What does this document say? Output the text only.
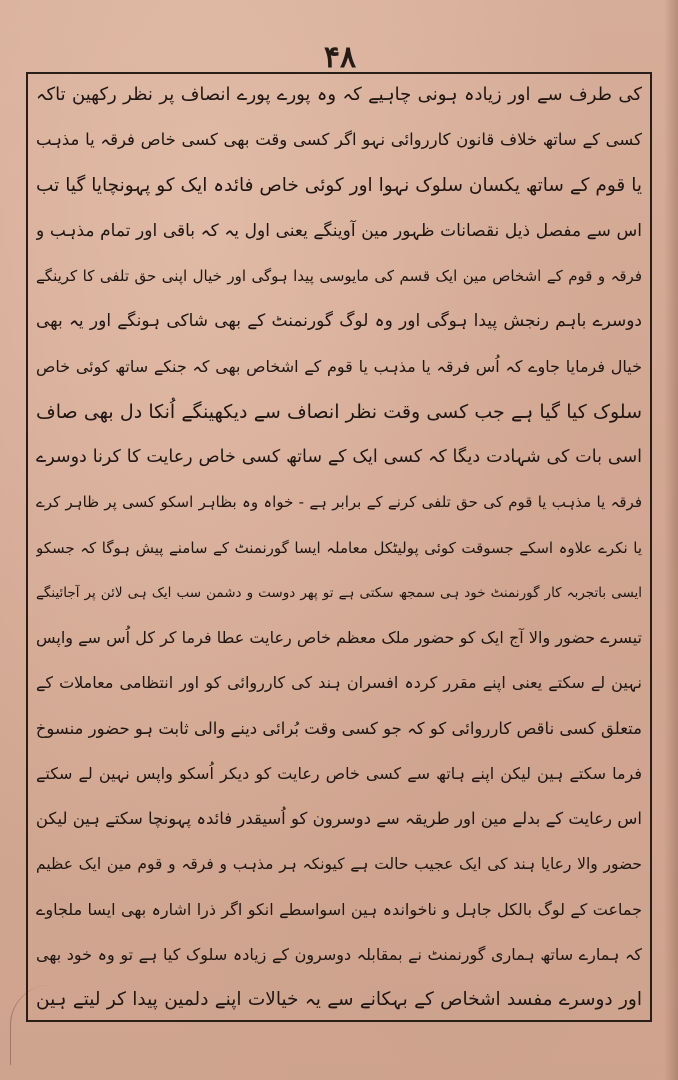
۴۸
کی طرف سے اور زیادہ ہونی چاہیے کہ وہ پورے پورے انصاف پر نظر رکھین تاکہ
کسی کے ساتھ خلاف قانون کارروائی نہو اگر کسی وقت بھی کسی خاص فرقہ یا مذہب
یا قوم کے ساتھ یکسان سلوک نہوا اور کوئی خاص فائدہ ایک کو پہونچایا گیا تب
اس سے مفصل ذیل نقصانات ظہور مین آوینگے یعنی اول یہ کہ باقی اور تمام مذہب و
فرقہ و قوم کے اشخاص مین ایک قسم کی مایوسی پیدا ہوگی اور خیال اپنی حق تلفی کا کرینگے
دوسرے باہم رنجش پیدا ہوگی اور وہ لوگ گورنمنٹ کے بھی شاکی ہونگے اور یہ بھی
خیال فرمایا جاوے کہ اُس فرقہ یا مذہب یا قوم کے اشخاص بھی کہ جنکے ساتھ کوئی خاص
سلوک کیا گیا ہے جب کسی وقت نظر انصاف سے دیکھینگے اُنکا دل بھی صاف
اسی بات کی شہادت دیگا کہ کسی ایک کے ساتھ کسی خاص رعایت کا کرنا دوسرے
فرقہ یا مذہب یا قوم کی حق تلفی کرنے کے برابر ہے - خواہ وہ بظاہر اسکو کسی پر ظاہر کرے
یا نکرے علاوہ اسکے جسوقت کوئی پولیٹکل معاملہ ایسا گورنمنٹ کے سامنے پیش ہوگا کہ جسکو
ایسی باتجربہ کار گورنمنٹ خود ہی سمجھ سکتی ہے تو پھر دوست و دشمن سب ایک ہی لائن پر آجائینگے
تیسرے حضور والا آج ایک کو حضور ملک معظم خاص رعایت عطا فرما کر کل اُس سے واپس
نہین لے سکتے یعنی اپنے مقرر کردہ افسران ہند کی کارروائی کو اور انتظامی معاملات کے
متعلق کسی ناقص کارروائی کو کہ جو کسی وقت بُرائی دینے والی ثابت ہو حضور منسوخ
فرما سکتے ہین لیکن اپنے ہاتھ سے کسی خاص رعایت کو دیکر اُسکو واپس نہین لے سکتے
اس رعایت کے بدلے مین اور طریقہ سے دوسرون کو اُسیقدر فائدہ پہونچا سکتے ہین لیکن
حضور والا رعایا ہند کی ایک عجیب حالت ہے کیونکہ ہر مذہب و فرقہ و قوم مین ایک عظیم
جماعت کے لوگ بالکل جاہل و ناخواندہ ہین اسواسطے انکو اگر ذرا اشارہ بھی ایسا ملجاوے
کہ ہمارے ساتھ ہماری گورنمنٹ نے بمقابلہ دوسرون کے زیادہ سلوک کیا ہے تو وہ خود بھی
اور دوسرے مفسد اشخاص کے بہکانے سے یہ خیالات اپنے دلمین پیدا کر لیتے ہین
